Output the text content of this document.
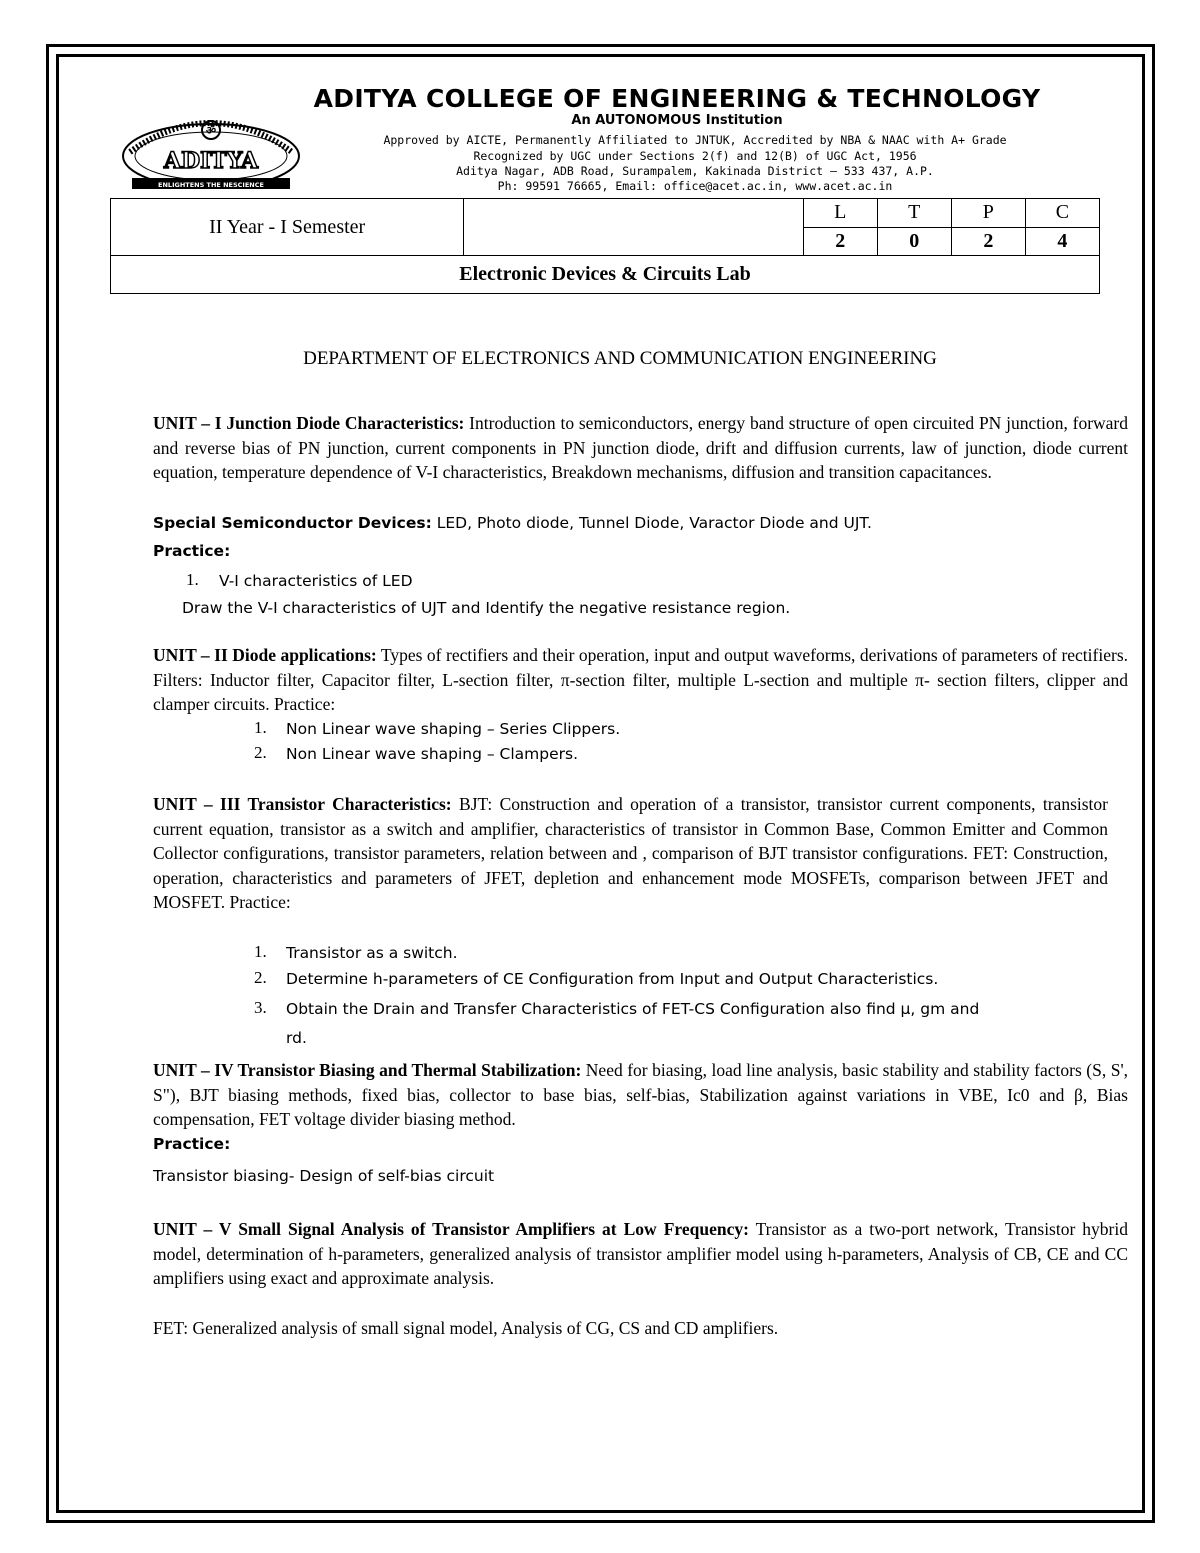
ॐ
ADITYA
ENLIGHTENS THE NESCIENCE
ADITYA COLLEGE OF ENGINEERING & TECHNOLOGY
An AUTONOMOUS Institution
Approved by AICTE, Permanently Affiliated to JNTUK, Accredited by NBA & NAAC with A+ Grade
Recognized by UGC under Sections 2(f) and 12(B) of UGC Act, 1956
Aditya Nagar, ADB Road, Surampalem, Kakinada District – 533 437, A.P.
Ph: 99591 76665, Email: office@acet.ac.in, www.acet.ac.in
II Year - I Semester		L	T	P	C
		2	0	2	4
Electronic Devices & Circuits Lab					
DEPARTMENT OF ELECTRONICS AND COMMUNICATION ENGINEERING
UNIT – I Junction Diode Characteristics: Introduction to semiconductors, energy band structure of open circuited PN junction, forward and reverse bias of PN junction, current components in PN junction diode, drift and diffusion currents, law of junction, diode current equation, temperature dependence of V-I characteristics, Breakdown mechanisms, diffusion and transition capacitances.
Special Semiconductor Devices: LED, Photo diode, Tunnel Diode, Varactor Diode and UJT.
Practice:
1. V-I characteristics of LED
Draw the V-I characteristics of UJT and Identify the negative resistance region.
UNIT – II Diode applications: Types of rectifiers and their operation, input and output waveforms, derivations of parameters of rectifiers. Filters: Inductor filter, Capacitor filter, L-section filter, π-section filter, multiple L-section and multiple π- section filters, clipper and clamper circuits. Practice:
1. Non Linear wave shaping – Series Clippers.
2. Non Linear wave shaping – Clampers.
UNIT – III Transistor Characteristics: BJT: Construction and operation of a transistor, transistor current components, transistor current equation, transistor as a switch and amplifier, characteristics of transistor in Common Base, Common Emitter and Common Collector configurations, transistor parameters, relation between and , comparison of BJT transistor configurations. FET: Construction, operation, characteristics and parameters of JFET, depletion and enhancement mode MOSFETs, comparison between JFET and MOSFET. Practice:
1. Transistor as a switch.
2. Determine h-parameters of CE Configuration from Input and Output Characteristics.
3. Obtain the Drain and Transfer Characteristics of FET-CS Configuration also find μ, gm and
rd.
UNIT – IV Transistor Biasing and Thermal Stabilization: Need for biasing, load line analysis, basic stability and stability factors (S, S', S"), BJT biasing methods, fixed bias, collector to base bias, self-bias, Stabilization against variations in VBE, Ic0 and β, Bias compensation, FET voltage divider biasing method.
Practice:
Transistor biasing- Design of self-bias circuit
UNIT – V Small Signal Analysis of Transistor Amplifiers at Low Frequency: Transistor as a two-port network, Transistor hybrid model, determination of h-parameters, generalized analysis of transistor amplifier model using h-parameters, Analysis of CB, CE and CC amplifiers using exact and approximate analysis.
FET: Generalized analysis of small signal model, Analysis of CG, CS and CD amplifiers.
